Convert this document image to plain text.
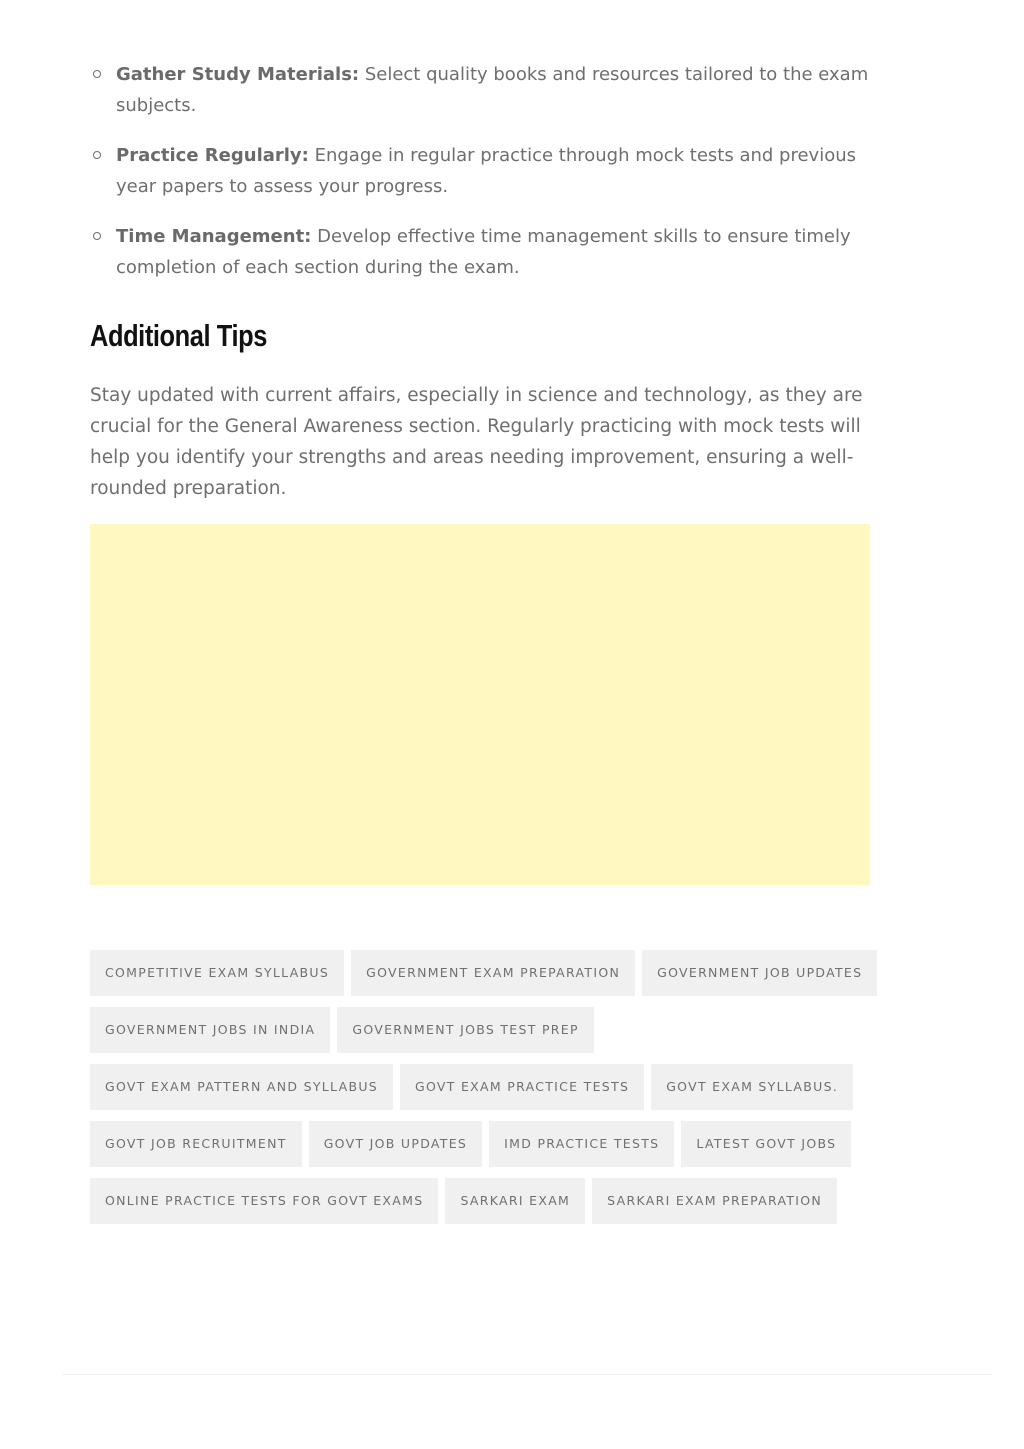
Gather Study Materials: Select quality books and resources tailored to the exam subjects.
Practice Regularly: Engage in regular practice through mock tests and previous year papers to assess your progress.
Time Management: Develop effective time management skills to ensure timely completion of each section during the exam.
Additional Tips

Stay updated with current affairs, especially in science and technology, as they are crucial for the General Awareness section. Regularly practicing with mock tests will help you identify your strengths and areas needing improvement, ensuring a well-rounded preparation.

COMPETITIVE EXAM SYLLABUS	GOVERNMENT EXAM PREPARATION	GOVERNMENT JOB UPDATES
GOVERNMENT JOBS IN INDIA	GOVERNMENT JOBS TEST PREP
GOVT EXAM PATTERN AND SYLLABUS	GOVT EXAM PRACTICE TESTS	GOVT EXAM SYLLABUS.
GOVT JOB RECRUITMENT	GOVT JOB UPDATES	IMD PRACTICE TESTS	LATEST GOVT JOBS
ONLINE PRACTICE TESTS FOR GOVT EXAMS	SARKARI EXAM	SARKARI EXAM PREPARATION
